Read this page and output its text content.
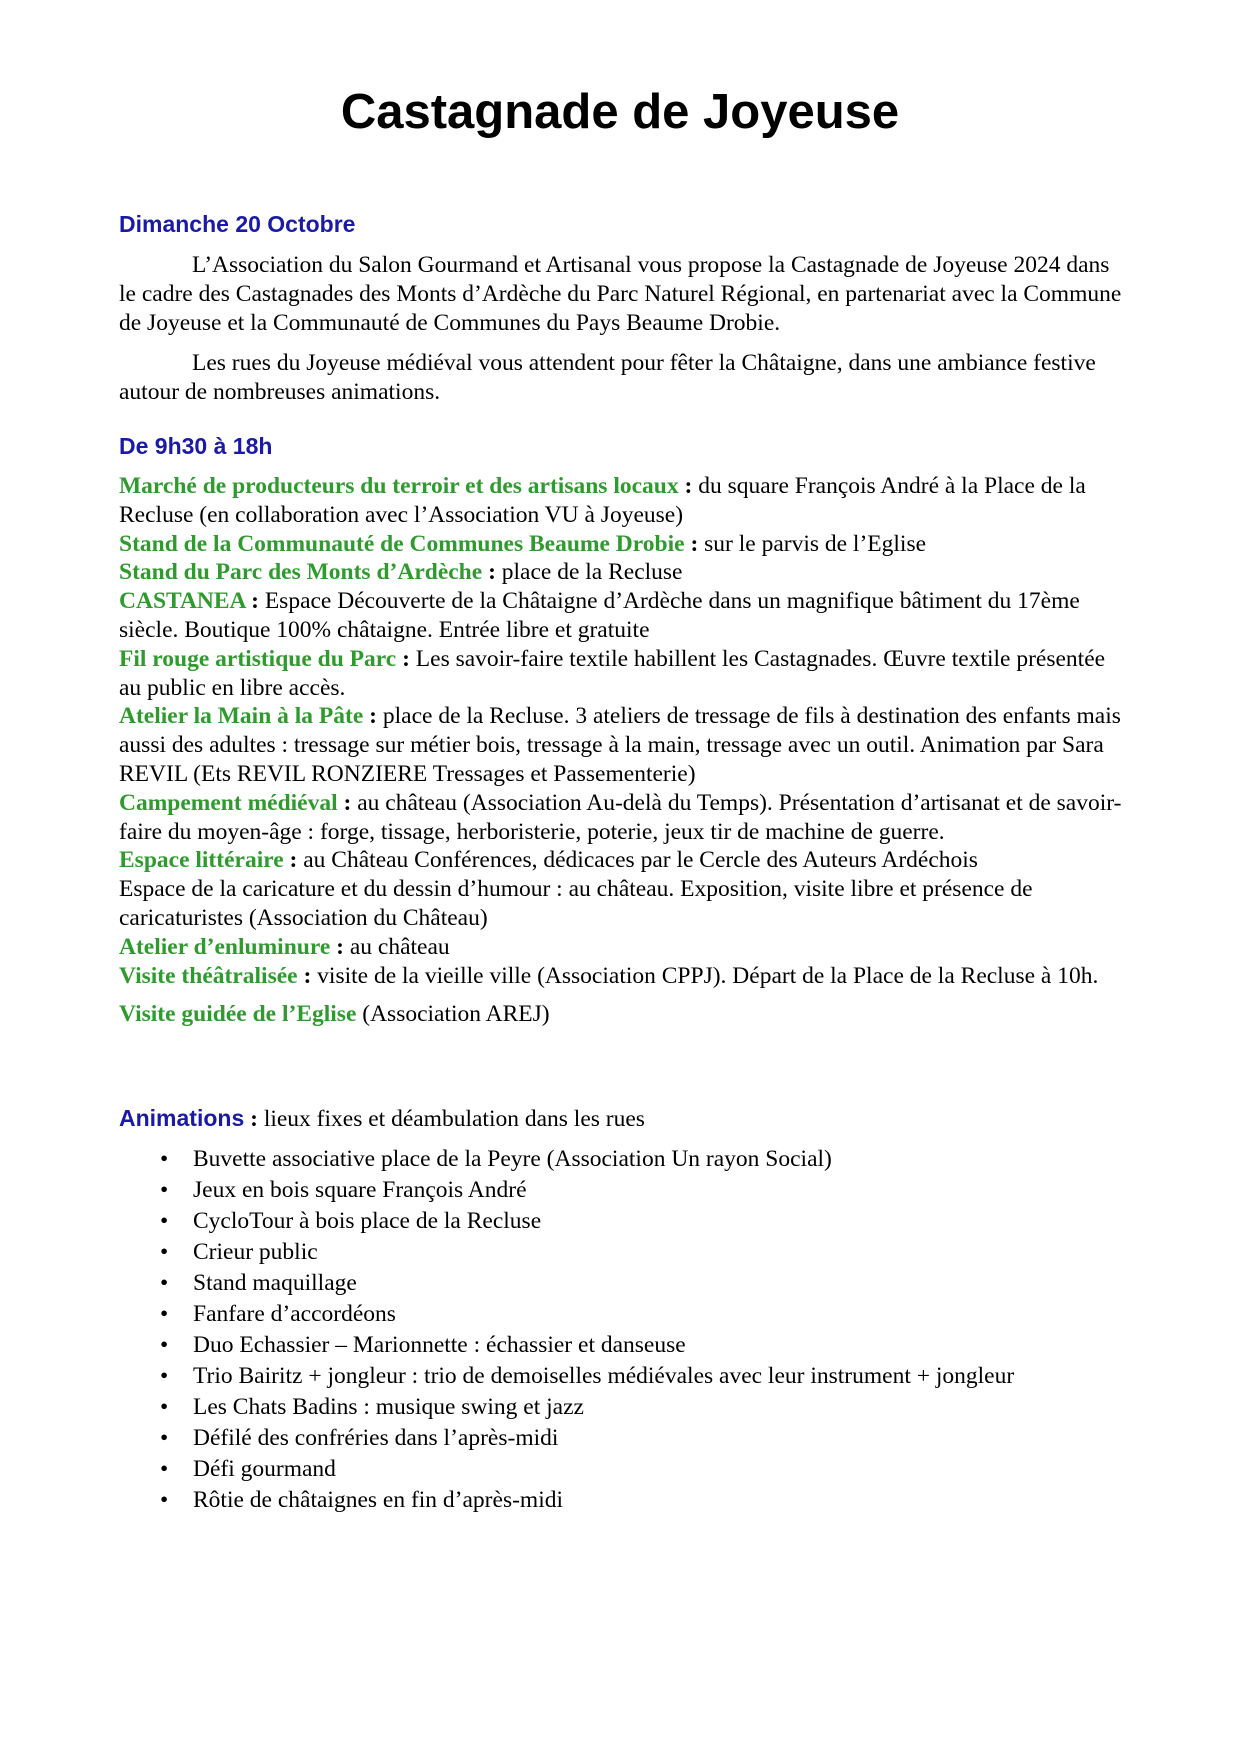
Castagnade de Joyeuse
Dimanche 20 Octobre

L’Association du Salon Gourmand et Artisanal vous propose la Castagnade de Joyeuse 2024 dans le cadre des Castagnades des Monts d’Ardèche du Parc Naturel Régional, en partenariat avec la Commune de Joyeuse et la Communauté de Communes du Pays Beaume Drobie.

Les rues du Joyeuse médiéval vous attendent pour fêter la Châtaigne, dans une ambiance festive autour de nombreuses animations.

De 9h30 à 18h

Marché de producteurs du terroir et des artisans locaux : du square François André à la Place de la Recluse (en collaboration avec l’Association VU à Joyeuse)

Stand de la Communauté de Communes Beaume Drobie : sur le parvis de l’Eglise

Stand du Parc des Monts d’Ardèche : place de la Recluse

CASTANEA : Espace Découverte de la Châtaigne d’Ardèche dans un magnifique bâtiment du 17ème siècle. Boutique 100% châtaigne. Entrée libre et gratuite

Fil rouge artistique du Parc : Les savoir-faire textile habillent les Castagnades. Œuvre textile présentée au public en libre accès.

Atelier la Main à la Pâte : place de la Recluse. 3 ateliers de tressage de fils à destination des enfants mais aussi des adultes : tressage sur métier bois, tressage à la main, tressage avec un outil. Animation par Sara REVIL (Ets REVIL RONZIERE Tressages et Passementerie)

Campement médiéval : au château (Association Au-delà du Temps). Présentation d’artisanat et de savoir-faire du moyen-âge : forge, tissage, herboristerie, poterie, jeux tir de machine de guerre.

Espace littéraire : au Château Conférences, dédicaces par le Cercle des Auteurs Ardéchois

Espace de la caricature et du dessin d’humour : au château. Exposition, visite libre et présence de caricaturistes (Association du Château)

Atelier d’enluminure : au château

Visite théâtralisée : visite de la vieille ville (Association CPPJ). Départ de la Place de la Recluse à 10h.

Visite guidée de l’Eglise (Association AREJ)

Animations : lieux fixes et déambulation dans les rues
• Buvette associative place de la Peyre (Association Un rayon Social)
• Jeux en bois square François André
• CycloTour à bois place de la Recluse
• Crieur public
• Stand maquillage
• Fanfare d’accordéons
• Duo Echassier – Marionnette : échassier et danseuse
• Trio Bairitz + jongleur : trio de demoiselles médiévales avec leur instrument + jongleur
• Les Chats Badins : musique swing et jazz
• Défilé des confréries dans l’après-midi
• Défi gourmand
• Rôtie de châtaignes en fin d’après-midi
